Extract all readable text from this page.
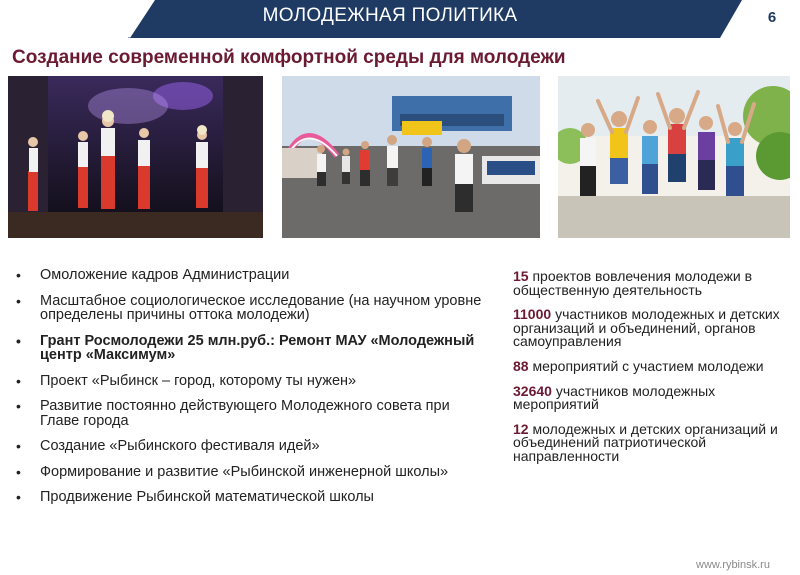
МОЛОДЕЖНАЯ ПОЛИТИКА	6
Создание современной комфортной среды для молодежи
• Омоложение кадров Администрации
• Масштабное социологическое исследование (на научном уровне определены причины оттока молодежи)
• Грант Росмолодежи 25 млн.руб.: Ремонт МАУ «Молодежный центр «Максимум»
• Проект «Рыбинск – город, которому ты нужен»
• Развитие постоянно действующего Молодежного совета при Главе города
• Создание «Рыбинского фестиваля идей»
• Формирование и развитие «Рыбинской инженерной школы»
• Продвижение Рыбинской математической школы
15 проектов вовлечения молодежи в общественную деятельность
11000 участников молодежных и детских организаций и объединений, органов самоуправления
88 мероприятий с участием молодежи
32640 участников молодежных мероприятий
12 молодежных и детских организаций и объединений патриотической направленности
www.rybinsk.ru
